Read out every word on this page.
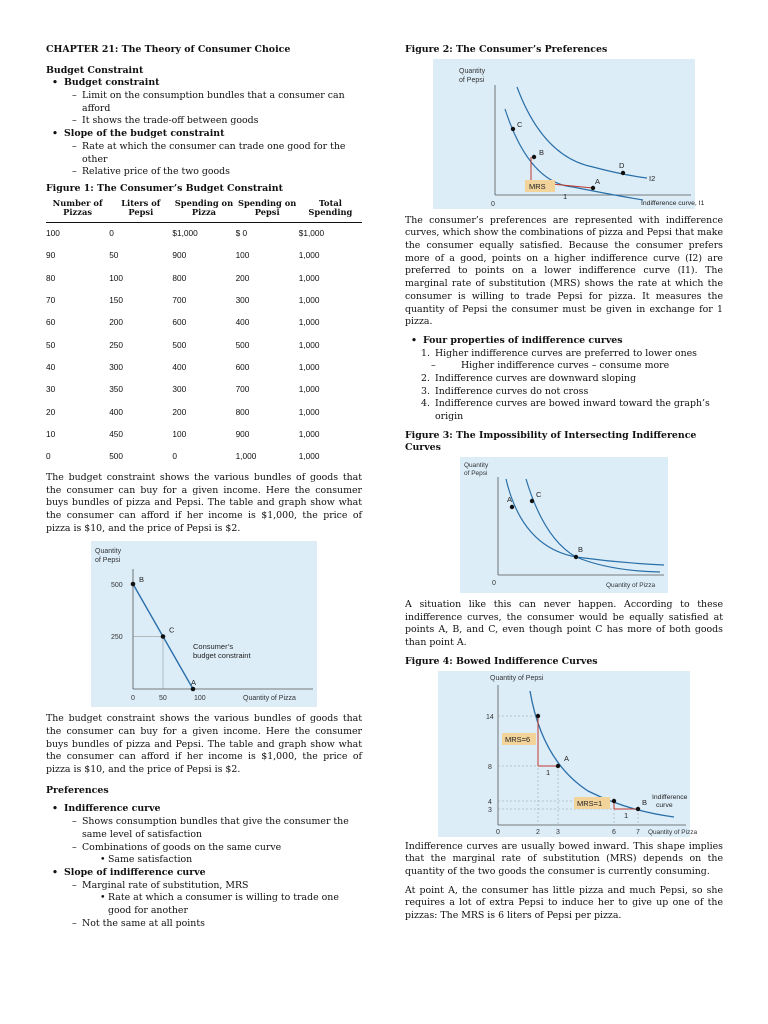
CHAPTER 21: The Theory of Consumer Choice
Budget Constraint
• Budget constraint
– Limit on the consumption bundles that a consumer can afford
– It shows the trade-off between goods
• Slope of the budget constraint
– Rate at which the consumer can trade one good for the other
– Relative price of the two goods
Figure 1: The Consumer’s Budget Constraint
Number of Pizzas	Liters of Pepsi	Spending on Pizza	Spending on Pepsi	Total Spending
100	0	$1,000	$ 0	$1,000
90	50	900	100	1,000
80	100	800	200	1,000
70	150	700	300	1,000
60	200	600	400	1,000
50	250	500	500	1,000
40	300	400	600	1,000
30	350	300	700	1,000
20	400	200	800	1,000
10	450	100	900	1,000
0	500	0	1,000	1,000

The budget constraint shows the various bundles of goods that the consumer can buy for a given income. Here the consumer buys bundles of pizza and Pepsi. The table and graph show what the consumer can afford if her income is $1,000, the price of pizza is $10, and the price of Pepsi is $2.

Quantity
of Pepsi
500
250
0	50	100	Quantity of Pizza
B
C
A
Consumer’s
budget constraint

The budget constraint shows the various bundles of goods that the consumer can buy for a given income. Here the consumer buys bundles of pizza and Pepsi. The table and graph show what the consumer can afford if her income is $1,000, the price of pizza is $10, and the price of Pepsi is $2.

Preferences
• Indifference curve
– Shows consumption bundles that give the consumer the same level of satisfaction
– Combinations of goods on the same curve
• Same satisfaction
• Slope of indifference curve
– Marginal rate of substitution, MRS
• Rate at which a consumer is willing to trade one good for another
– Not the same at all points
Figure 2: The Consumer’s Preferences
Quantity
of Pepsi
MRS
1
C
B
A
D
I2
Indifference curve, I1
0

The consumer’s preferences are represented with indifference curves, which show the combinations of pizza and Pepsi that make the consumer equally satisfied. Because the consumer prefers more of a good, points on a higher indifference curve (I2) are preferred to points on a lower indifference curve (I1). The marginal rate of substitution (MRS) shows the rate at which the consumer is willing to trade Pepsi for pizza. It measures the quantity of Pepsi the consumer must be given in exchange for 1 pizza.

• Four properties of indifference curves
1. Higher indifference curves are preferred to lower ones
– Higher indifference curves – consume more
2. Indifference curves are downward sloping
3. Indifference curves do not cross
4. Indifference curves are bowed inward toward the graph’s origin
Figure 3: The Impossibility of Intersecting Indifference Curves
Quantity
of Pepsi
A
C
B
0	Quantity of Pizza

A situation like this can never happen. According to these indifference curves, the consumer would be equally satisfied at points A, B, and C, even though point C has more of both goods than point A.

Figure 4: Bowed Indifference Curves
Quantity of Pepsi
MRS=6
MRS=1
1
1
A
B
Indifference
curve
14
8
4
3
0	2 3	6	7 Quantity of Pizza

Indifference curves are usually bowed inward. This shape implies that the marginal rate of substitution (MRS) depends on the quantity of the two goods the consumer is currently consuming.

At point A, the consumer has little pizza and much Pepsi, so she requires a lot of extra Pepsi to induce her to give up one of the pizzas: The MRS is 6 liters of Pepsi per pizza.
